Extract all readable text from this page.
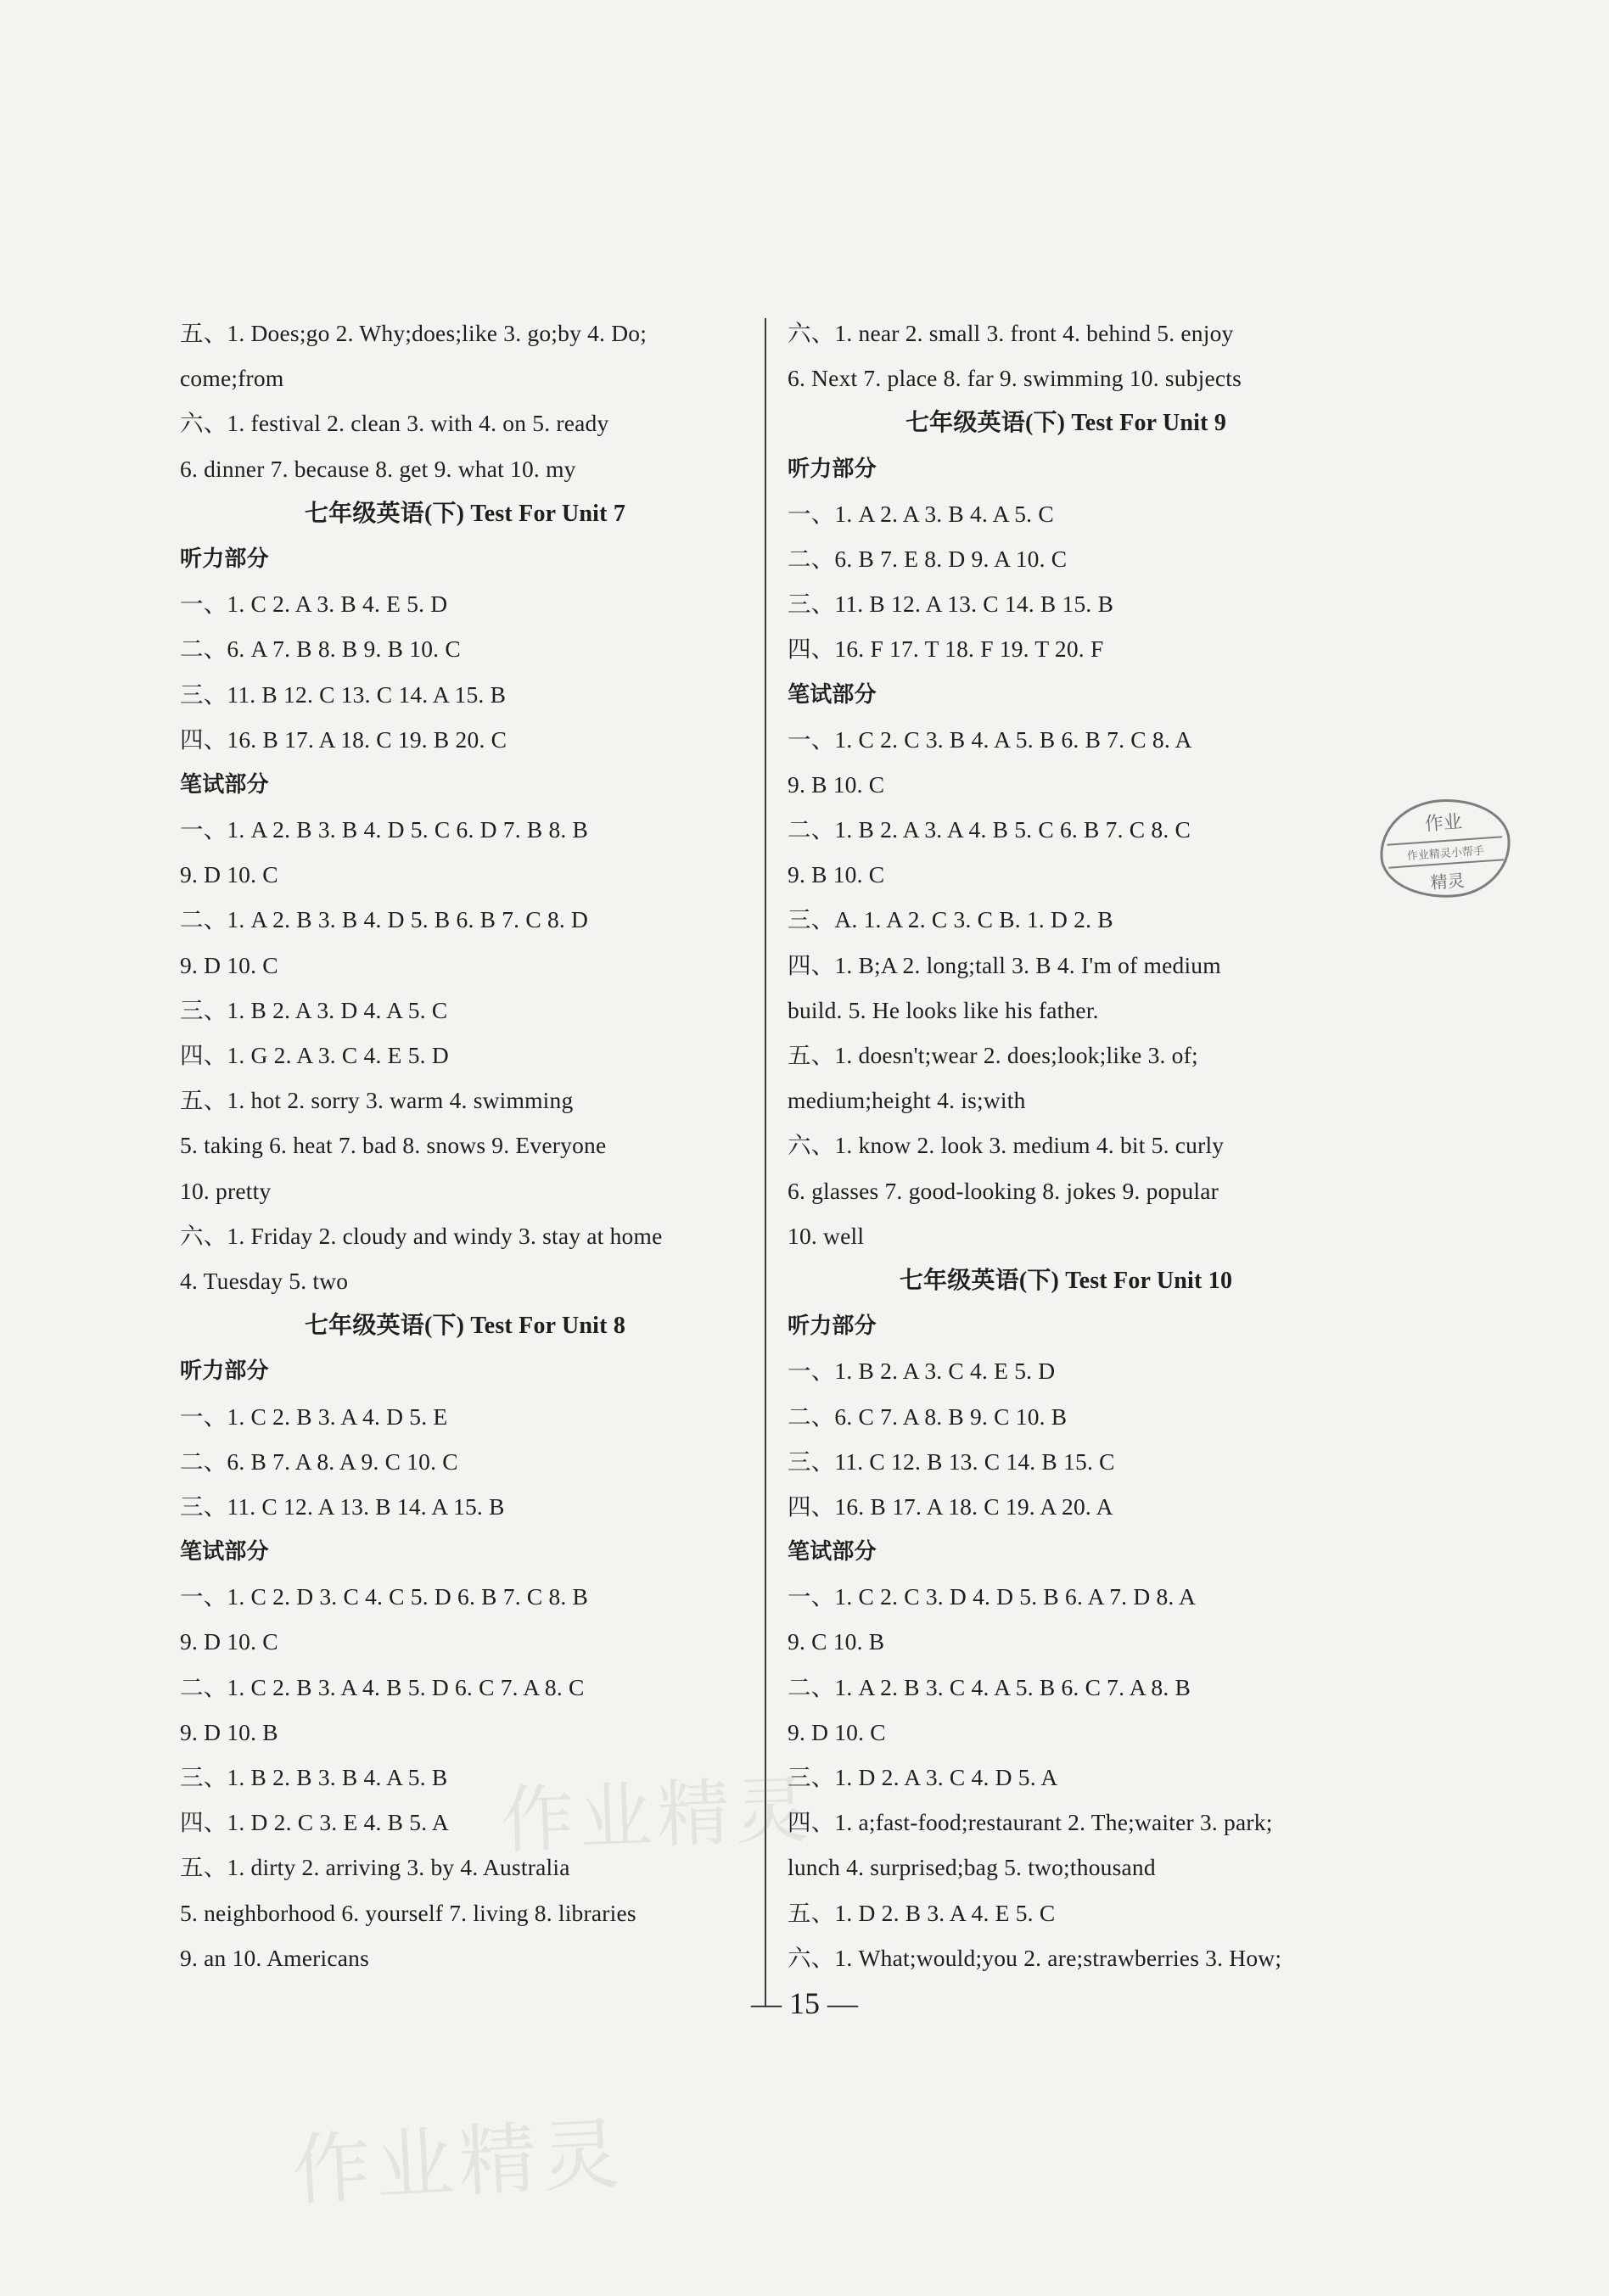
五、1. Does;go 2. Why;does;like 3. go;by 4. Do;
come;from
六、1. festival 2. clean 3. with 4. on 5. ready
6. dinner 7. because 8. get 9. what 10. my
七年级英语(下) Test For Unit 7
听力部分
一、1. C 2. A 3. B 4. E 5. D
二、6. A 7. B 8. B 9. B 10. C
三、11. B 12. C 13. C 14. A 15. B
四、16. B 17. A 18. C 19. B 20. C
笔试部分
一、1. A 2. B 3. B 4. D 5. C 6. D 7. B 8. B
9. D 10. C
二、1. A 2. B 3. B 4. D 5. B 6. B 7. C 8. D
9. D 10. C
三、1. B 2. A 3. D 4. A 5. C
四、1. G 2. A 3. C 4. E 5. D
五、1. hot 2. sorry 3. warm 4. swimming
5. taking 6. heat 7. bad 8. snows 9. Everyone
10. pretty
六、1. Friday 2. cloudy and windy 3. stay at home
4. Tuesday 5. two
七年级英语(下) Test For Unit 8
听力部分
一、1. C 2. B 3. A 4. D 5. E
二、6. B 7. A 8. A 9. C 10. C
三、11. C 12. A 13. B 14. A 15. B
笔试部分
一、1. C 2. D 3. C 4. C 5. D 6. B 7. C 8. B
9. D 10. C
二、1. C 2. B 3. A 4. B 5. D 6. C 7. A 8. C
9. D 10. B
三、1. B 2. B 3. B 4. A 5. B
四、1. D 2. C 3. E 4. B 5. A
五、1. dirty 2. arriving 3. by 4. Australia
5. neighborhood 6. yourself 7. living 8. libraries
9. an 10. Americans
六、1. near 2. small 3. front 4. behind 5. enjoy
6. Next 7. place 8. far 9. swimming 10. subjects
七年级英语(下) Test For Unit 9
听力部分
一、1. A 2. A 3. B 4. A 5. C
二、6. B 7. E 8. D 9. A 10. C
三、11. B 12. A 13. C 14. B 15. B
四、16. F 17. T 18. F 19. T 20. F
笔试部分
一、1. C 2. C 3. B 4. A 5. B 6. B 7. C 8. A
9. B 10. C
二、1. B 2. A 3. A 4. B 5. C 6. B 7. C 8. C
9. B 10. C
三、A. 1. A 2. C 3. C B. 1. D 2. B
四、1. B;A 2. long;tall 3. B 4. I'm of medium
build. 5. He looks like his father.
五、1. doesn't;wear 2. does;look;like 3. of;
medium;height 4. is;with
六、1. know 2. look 3. medium 4. bit 5. curly
6. glasses 7. good-looking 8. jokes 9. popular
10. well
七年级英语(下) Test For Unit 10
听力部分
一、1. B 2. A 3. C 4. E 5. D
二、6. C 7. A 8. B 9. C 10. B
三、11. C 12. B 13. C 14. B 15. C
四、16. B 17. A 18. C 19. A 20. A
笔试部分
一、1. C 2. C 3. D 4. D 5. B 6. A 7. D 8. A
9. C 10. B
二、1. A 2. B 3. C 4. A 5. B 6. C 7. A 8. B
9. D 10. C
三、1. D 2. A 3. C 4. D 5. A
四、1. a;fast-food;restaurant 2. The;waiter 3. park;
lunch 4. surprised;bag 5. two;thousand
五、1. D 2. B 3. A 4. E 5. C
六、1. What;would;you 2. are;strawberries 3. How;
作业
作业精灵小帮手
精灵
作业精灵
作业精灵
— 15 —
